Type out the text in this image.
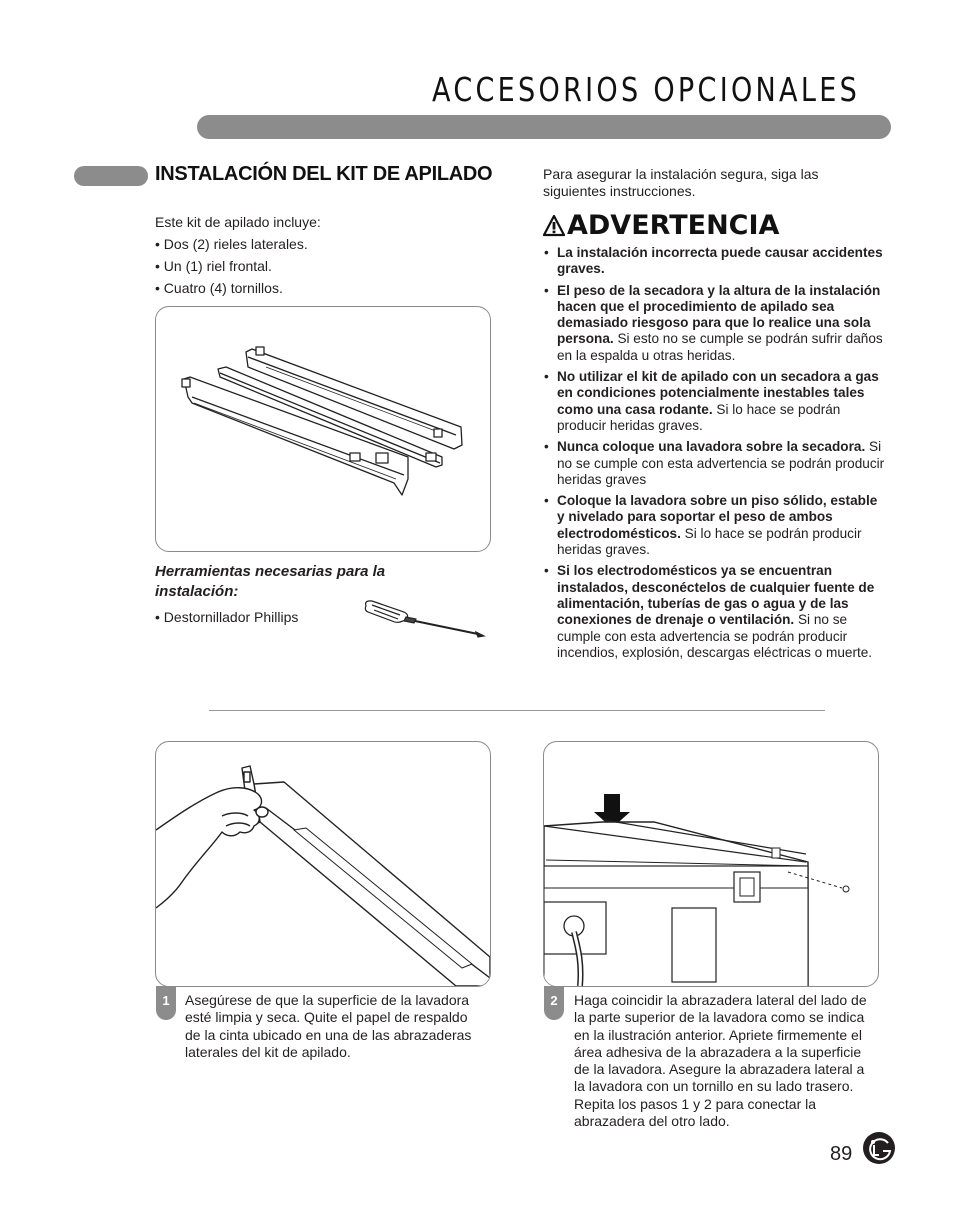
ACCESORIOS OPCIONALES
INSTALACIÓN DEL KIT DE APILADO
Este kit de apilado incluye:
• Dos (2) rieles laterales.
• Un (1) riel frontal.
• Cuatro (4) tornillos.
Herramientas necesarias para la instalación:
• Destornillador Phillips
Para asegurar la instalación segura, siga las siguientes instrucciones.
ADVERTENCIA
• La instalación incorrecta puede causar accidentes graves.
• El peso de la secadora y la altura de la instalación hacen que el procedimiento de apilado sea demasiado riesgoso para que lo realice una sola persona. Si esto no se cumple se podrán sufrir daños en la espalda u otras heridas.
• No utilizar el kit de apilado con un secadora a gas en condiciones potencialmente inestables tales como una casa rodante. Si lo hace se podrán producir heridas graves.
• Nunca coloque una lavadora sobre la secadora. Si no se cumple con esta advertencia se podrán producir heridas graves
• Coloque la lavadora sobre un piso sólido, estable y nivelado para soportar el peso de ambos electrodomésticos. Si lo hace se podrán producir heridas graves.
• Si los electrodomésticos ya se encuentran instalados, desconéctelos de cualquier fuente de alimentación, tuberías de gas o agua y de las conexiones de drenaje o ventilación. Si no se cumple con esta advertencia se podrán producir incendios, explosión, descargas eléctricas o muerte.
1	Asegúrese de que la superficie de la lavadora esté limpia y seca. Quite el papel de respaldo de la cinta ubicado en una de las abrazaderas laterales del kit de apilado.
2	Haga coincidir la abrazadera lateral del lado de la parte superior de la lavadora como se indica en la ilustración anterior. Apriete firmemente el área adhesiva de la abrazadera a la superficie de la lavadora. Asegure la abrazadera lateral a la lavadora con un tornillo en su lado trasero. Repita los pasos 1 y 2 para conectar la abrazadera del otro lado.
89
